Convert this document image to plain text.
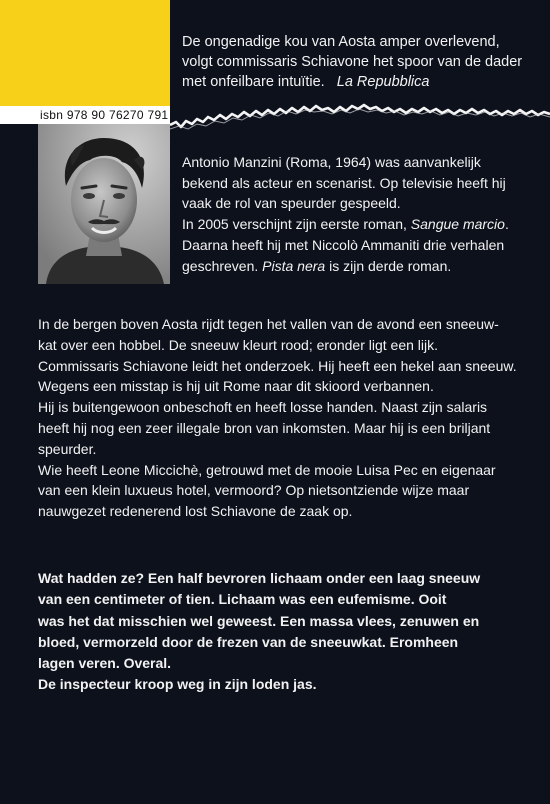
isbn 978 90 76270 791
De ongenadige kou van Aosta amper overlevend,
volgt commissaris Schiavone het spoor van de dader
met onfeilbare intuïtie. La Repubblica
Antonio Manzini (Roma, 1964) was aanvankelijk
bekend als acteur en scenarist. Op televisie heeft hij
vaak de rol van speurder gespeeld.
In 2005 verschijnt zijn eerste roman, Sangue marcio.
Daarna heeft hij met Niccolò Ammaniti drie verhalen
geschreven. Pista nera is zijn derde roman.
In de bergen boven Aosta rijdt tegen het vallen van de avond een sneeuw-
kat over een hobbel. De sneeuw kleurt rood; eronder ligt een lijk.
Commissaris Schiavone leidt het onderzoek. Hij heeft een hekel aan sneeuw.
Wegens een misstap is hij uit Rome naar dit skioord verbannen.
Hij is buitengewoon onbeschoft en heeft losse handen. Naast zijn salaris
heeft hij nog een zeer illegale bron van inkomsten. Maar hij is een briljant
speurder.
Wie heeft Leone Miccichè, getrouwd met de mooie Luisa Pec en eigenaar
van een klein luxueus hotel, vermoord? Op nietsontziende wijze maar
nauwgezet redenerend lost Schiavone de zaak op.
Wat hadden ze? Een half bevroren lichaam onder een laag sneeuw
van een centimeter of tien. Lichaam was een eufemisme. Ooit
was het dat misschien wel geweest. Een massa vlees, zenuwen en
bloed, vermorzeld door de frezen van de sneeuwkat. Eromheen
lagen veren. Overal.
De inspecteur kroop weg in zijn loden jas.
